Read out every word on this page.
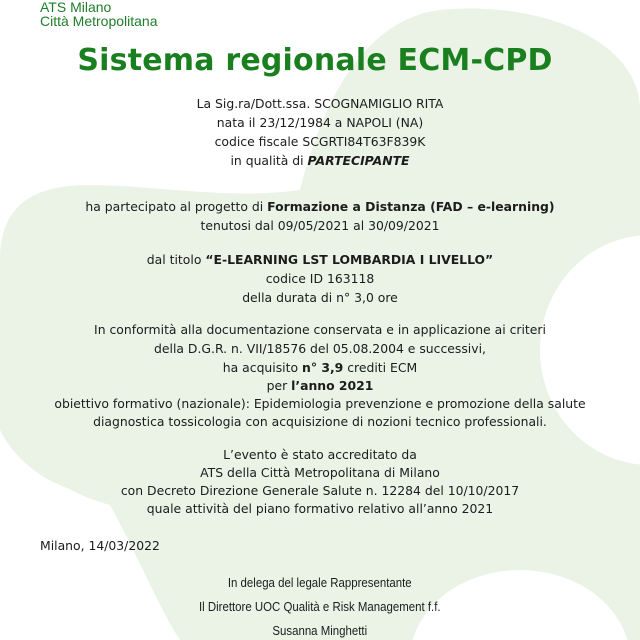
ATS Milano
Città Metropolitana
Sistema regionale ECM-CPD
La Sig.ra/Dott.ssa. SCOGNAMIGLIO RITA
nata il 23/12/1984 a NAPOLI (NA)
codice fiscale SCGRTI84T63F839K
in qualità di PARTECIPANTE
ha partecipato al progetto di Formazione a Distanza (FAD – e-learning)
tenutosi dal 09/05/2021 al 30/09/2021
dal titolo “E-LEARNING LST LOMBARDIA I LIVELLO”
codice ID 163118
della durata di n° 3,0 ore
In conformità alla documentazione conservata e in applicazione ai criteri
della D.G.R. n. VII/18576 del 05.08.2004 e successivi,
ha acquisito n° 3,9 crediti ECM
per l’anno 2021
obiettivo formativo (nazionale): Epidemiologia prevenzione e promozione della salute
diagnostica tossicologia con acquisizione di nozioni tecnico professionali.
L’evento è stato accreditato da
ATS della Città Metropolitana di Milano
con Decreto Direzione Generale Salute n. 12284 del 10/10/2017
quale attività del piano formativo relativo all’anno 2021
Milano, 14/03/2022
In delega del legale Rappresentante
Il Direttore UOC Qualità e Risk Management f.f.
Susanna Minghetti
